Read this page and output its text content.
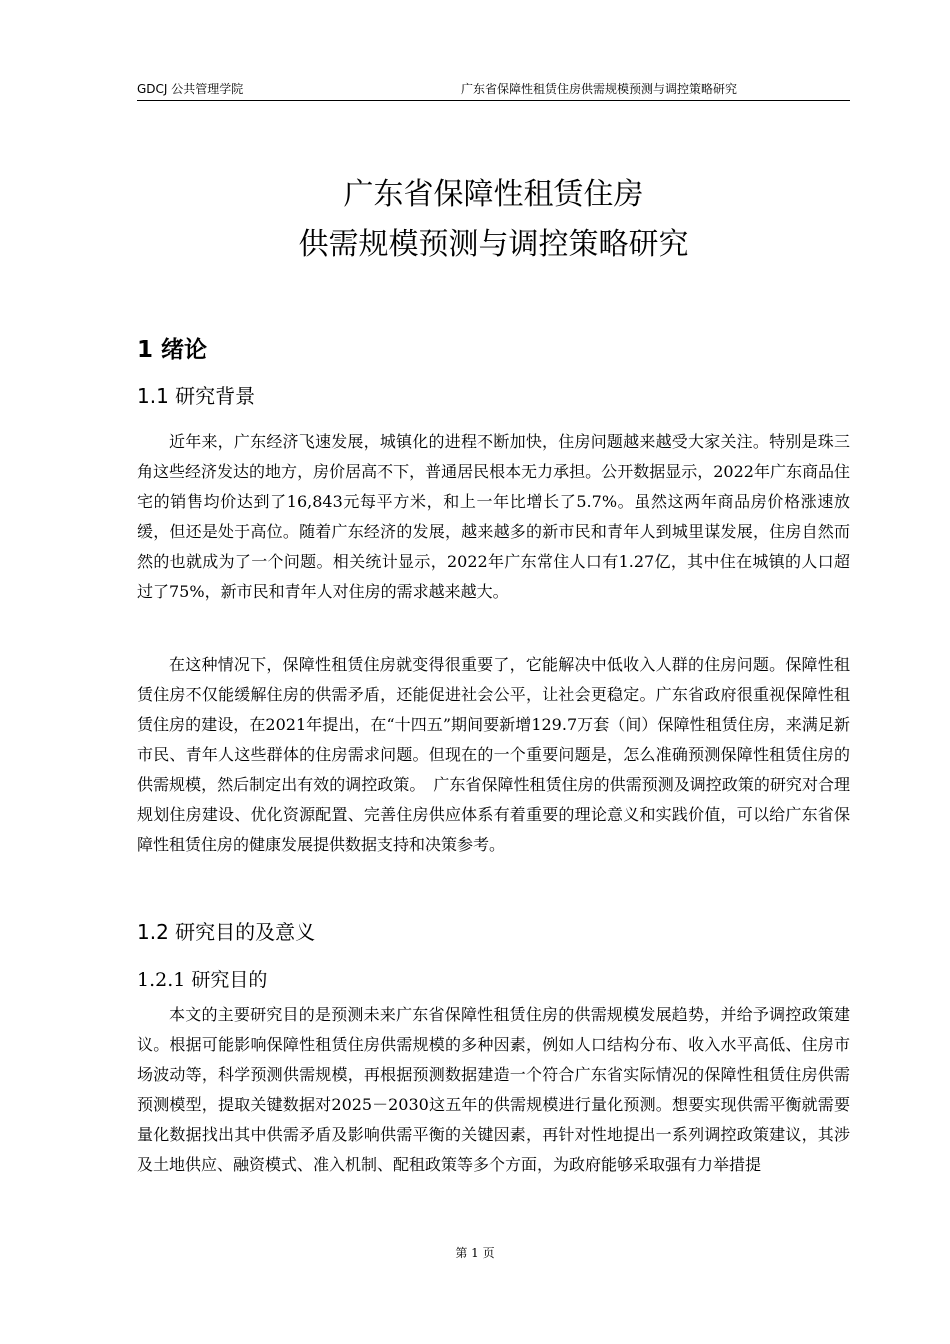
GDCJ 公共管理学院	广东省保障性租赁住房供需规模预测与调控策略研究
广东省保障性租赁住房
供需规模预测与调控策略研究
1 绪论
1.1 研究背景

近年来，广东经济飞速发展，城镇化的进程不断加快，住房问题越来越受大家关注。特别是珠三角这些经济发达的地方，房价居高不下，普通居民根本无力承担。公开数据显示，2022年广东商品住宅的销售均价达到了16,843元每平方米，和上一年比增长了5.7%。虽然这两年商品房价格涨速放缓，但还是处于高位。随着广东经济的发展，越来越多的新市民和青年人到城里谋发展，住房自然而然的也就成为了一个问题。相关统计显示，2022年广东常住人口有1.27亿，其中住在城镇的人口超过了75%，新市民和青年人对住房的需求越来越大。

在这种情况下，保障性租赁住房就变得很重要了，它能解决中低收入人群的住房问题。保障性租赁住房不仅能缓解住房的供需矛盾，还能促进社会公平，让社会更稳定。广东省政府很重视保障性租赁住房的建设，在2021年提出，在“十四五”期间要新增129.7万套（间）保障性租赁住房，来满足新市民、青年人这些群体的住房需求问题。但现在的一个重要问题是，怎么准确预测保障性租赁住房的供需规模，然后制定出有效的调控政策。　广东省保障性租赁住房的供需预测及调控政策的研究对合理规划住房建设、优化资源配置、完善住房供应体系有着重要的理论意义和实践价值，可以给广东省保障性租赁住房的健康发展提供数据支持和决策参考。

1.2 研究目的及意义
1.2.1 研究目的

本文的主要研究目的是预测未来广东省保障性租赁住房的供需规模发展趋势，并给予调控政策建议。根据可能影响保障性租赁住房供需规模的多种因素，例如人口结构分布、收入水平高低、住房市场波动等，科学预测供需规模，再根据预测数据建造一个符合广东省实际情况的保障性租赁住房供需预测模型，提取关键数据对2025－2030这五年的供需规模进行量化预测。想要实现供需平衡就需要量化数据找出其中供需矛盾及影响供需平衡的关键因素，再针对性地提出一系列调控政策建议，其涉及土地供应、融资模式、准入机制、配租政策等多个方面，为政府能够采取强有力举措提

第 1 页
